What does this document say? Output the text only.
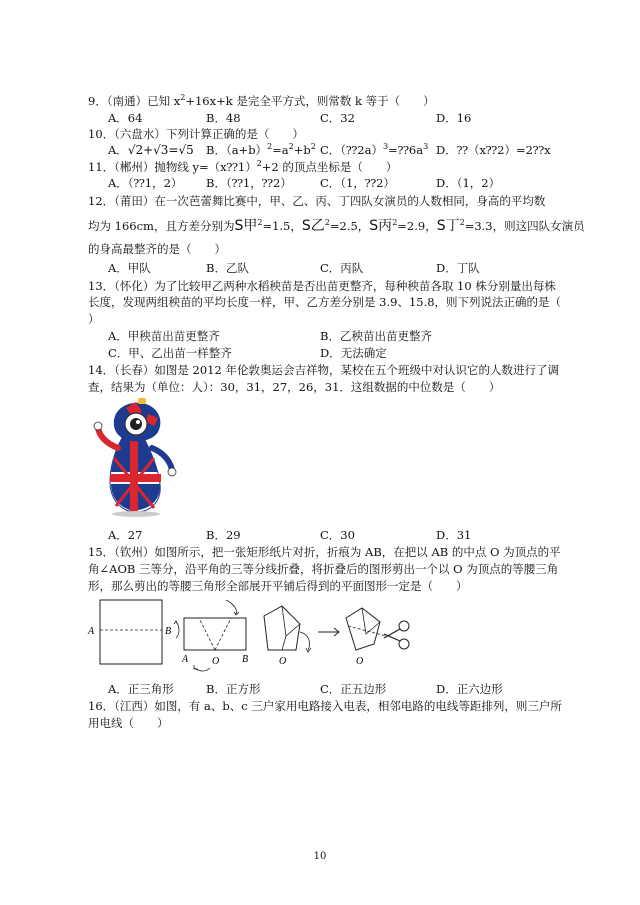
9．（南通）已知 $x^2+16x+k$ 是完全平方式，则常数 k 等于（　　）
A．64	B．48	C．32	D．16
10．（六盘水）下列计算正确的是（　　）
A．√2+√3=√5 B．$(a+b)^2=a^2+b^2$ C．$(⁇2a)^3=⁇6a^3$ D．⁇（x⁇2）=2⁇x
11．（郴州）抛物线 y=（x⁇1）$^2$+2 的顶点坐标是（　　）
A．（⁇1，2） B．（⁇1，⁇2） C．（1，⁇2）	D．（1，2）
12．（莆田）在一次芭蕾舞比赛中，甲、乙、丙、丁四队女演员的人数相同，身高的平均数
均为 166cm，且方差分别为S甲$^2$=1.5，S乙$^2$=2.5，S丙$^2$=2.9，S丁$^2$=3.3，则这四队女演员
的身高最整齐的是（　　）
A．甲队	B．乙队	C．丙队	D．丁队
13．（怀化）为了比较甲乙两种水稻秧苗是否出苗更整齐，每种秧苗各取 10 株分别量出每株
长度，发现两组秧苗的平均长度一样，甲、乙方差分别是 3.9、15.8，则下列说法正确的是（
）
A．甲秧苗出苗更整齐	B．乙秧苗出苗更整齐
C．甲、乙出苗一样整齐	D．无法确定
14．（长春）如图是 2012 年伦敦奥运会吉祥物，某校在五个班级中对认识它的人数进行了调
查，结果为（单位：人）：30，31，27，26，31．这组数据的中位数是（　　）
A．27	B．29	C．30	D．31
15．（钦州）如图所示，把一张矩形纸片对折，折痕为 AB，在把以 AB 的中点 O 为顶点的平
角∠AOB 三等分，沿平角的三等分线折叠，将折叠后的图形剪出一个以 O 为顶点的等腰三角
形，那么剪出的等腰三角形全部展开平铺后得到的平面图形一定是（　　）
A	B
A O B	O	O
A．正三角形	B．正方形	C．正五边形	D．正六边形
16．（江西）如图，有 a、b、c 三户家用电路接入电表，相邻电路的电线等距排列，则三户所
用电线（　　）
10
